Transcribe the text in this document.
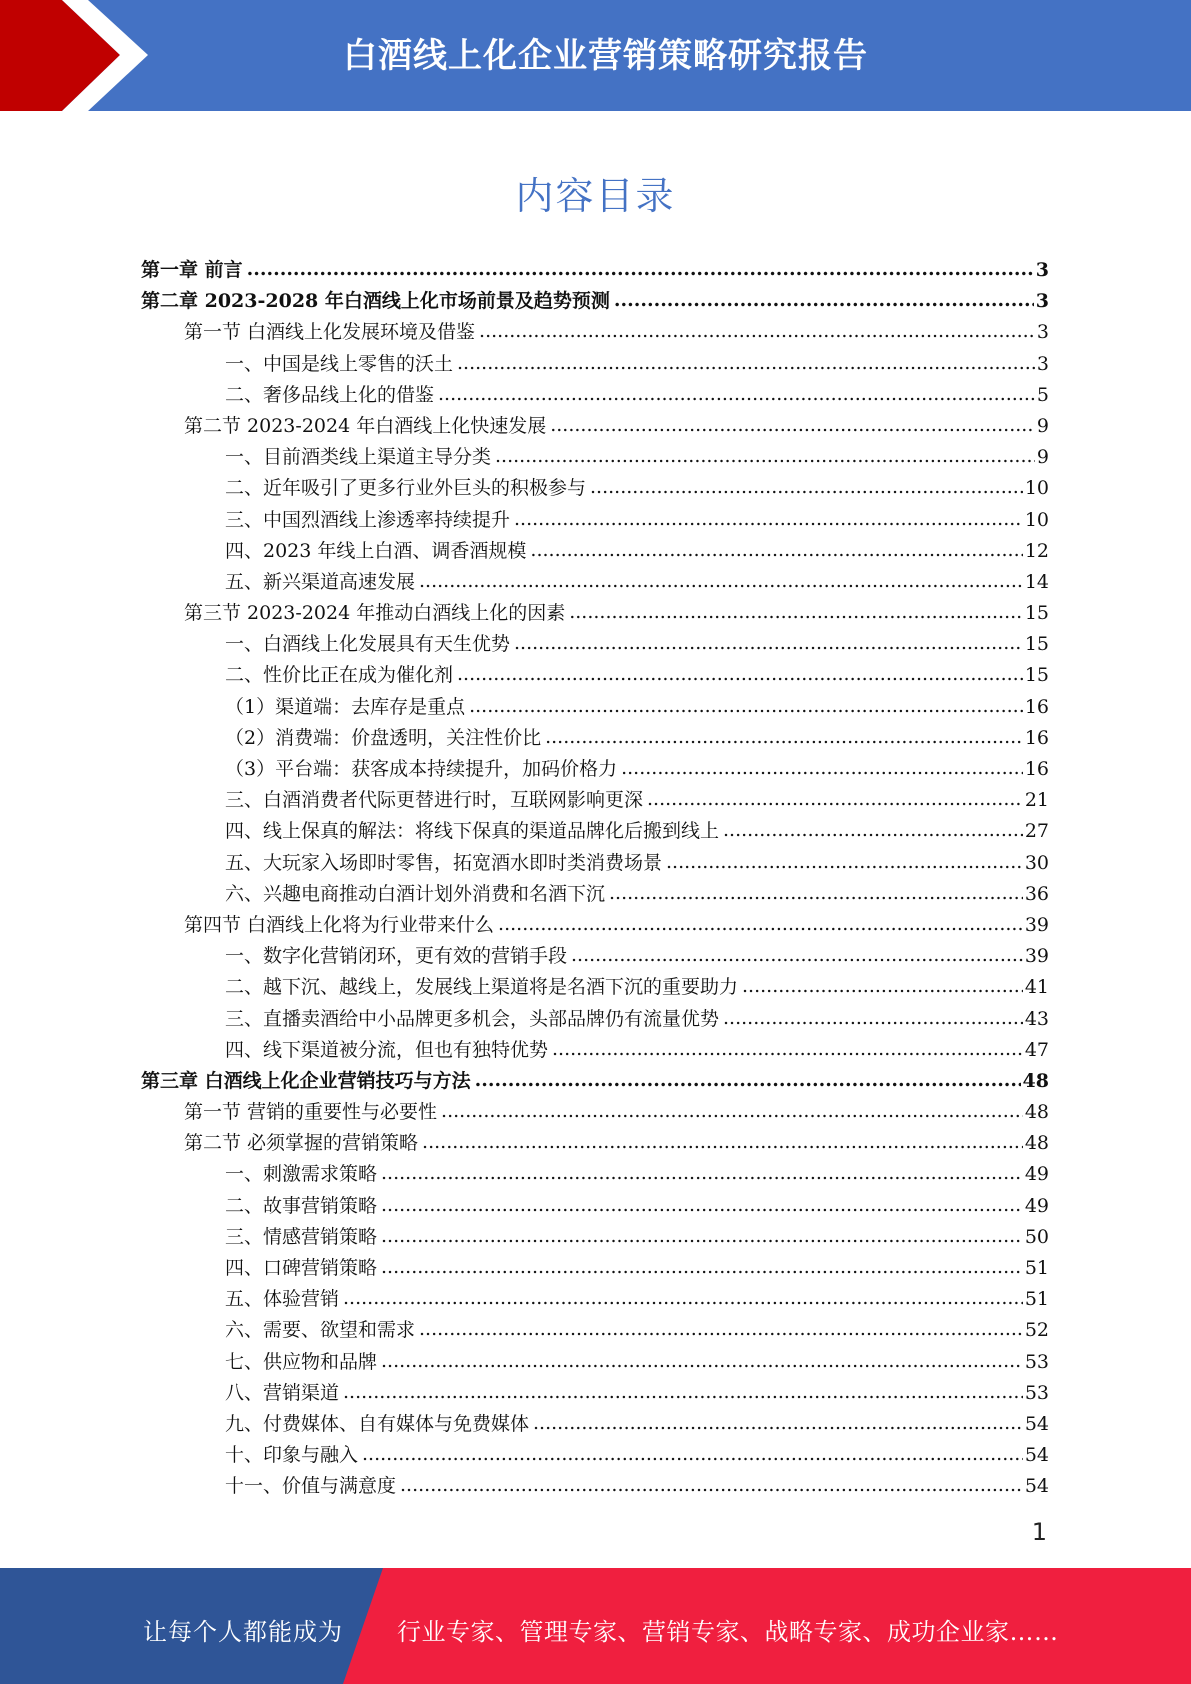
白酒线上化企业营销策略研究报告
内容目录
第一章 前言 .....	3
第二章 2023-2028 年白酒线上化市场前景及趋势预测 .....	3
第一节 白酒线上化发展环境及借鉴 .....	3
一、中国是线上零售的沃土 .....	3
二、奢侈品线上化的借鉴 .....	5
第二节 2023-2024 年白酒线上化快速发展 .....	9
一、目前酒类线上渠道主导分类 .....	9
二、近年吸引了更多行业外巨头的积极参与 .....	10
三、中国烈酒线上渗透率持续提升 .....	10
四、2023 年线上白酒、调香酒规模 .....	12
五、新兴渠道高速发展 .....	14
第三节 2023-2024 年推动白酒线上化的因素 .....	15
一、白酒线上化发展具有天生优势 .....	15
二、性价比正在成为催化剂 .....	15
（1）渠道端：去库存是重点 .....	16
（2）消费端：价盘透明，关注性价比 .....	16
（3）平台端：获客成本持续提升，加码价格力 .....	16
三、白酒消费者代际更替进行时，互联网影响更深 .....	21
四、线上保真的解法：将线下保真的渠道品牌化后搬到线上 .....	27
五、大玩家入场即时零售，拓宽酒水即时类消费场景 .....	30
六、兴趣电商推动白酒计划外消费和名酒下沉 .....	36
第四节 白酒线上化将为行业带来什么 .....	39
一、数字化营销闭环，更有效的营销手段 .....	39
二、越下沉、越线上，发展线上渠道将是名酒下沉的重要助力 .....	41
三、直播卖酒给中小品牌更多机会，头部品牌仍有流量优势 .....	43
四、线下渠道被分流，但也有独特优势 .....	47
第三章 白酒线上化企业营销技巧与方法 .....	48
第一节 营销的重要性与必要性 .....	48
第二节 必须掌握的营销策略 .....	48
一、刺激需求策略 .....	49
二、故事营销策略 .....	49
三、情感营销策略 .....	50
四、口碑营销策略 .....	51
五、体验营销 .....	51
六、需要、欲望和需求 .....	52
七、供应物和品牌 .....	53
八、营销渠道 .....	53
九、付费媒体、自有媒体与免费媒体 .....	54
十、印象与融入 .....	54
十一、价值与满意度 .....	54
1
让每个人都能成为 行业专家、管理专家、营销专家、战略专家、成功企业家……
